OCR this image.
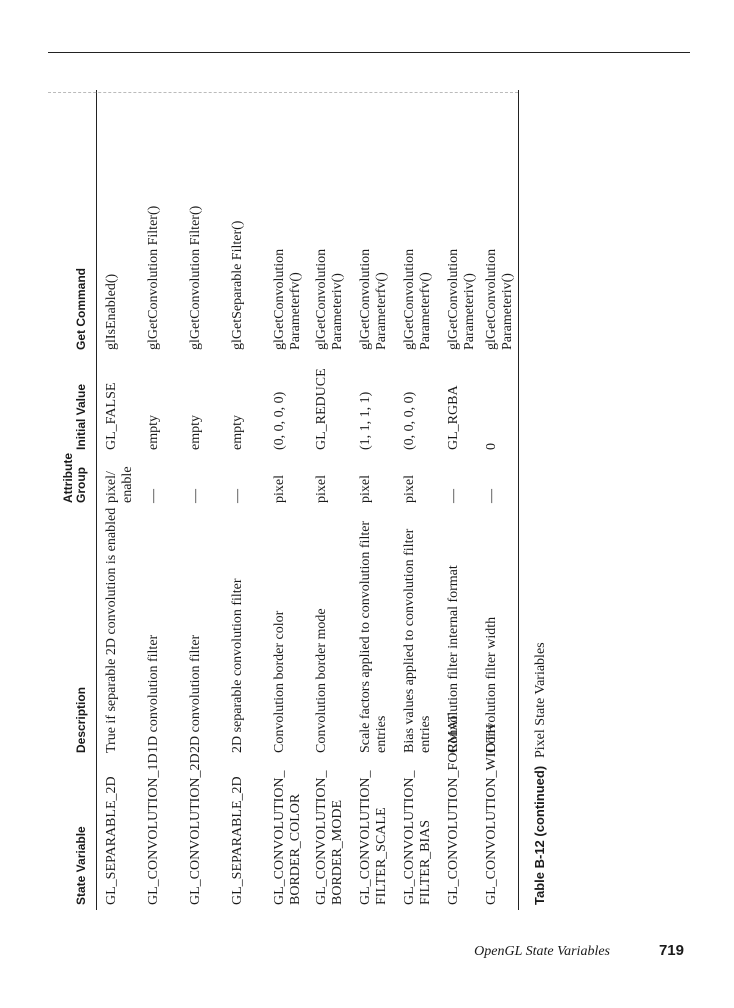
State Variable
Description
Attribute Group
Initial Value
Get Command
GL_SEPARABLE_2D
True if separable 2D convolution is enabled
pixel/ enable
GL_FALSE
glIsEnabled()
GL_CONVOLUTION_1D
1D convolution filter
—
empty
glGetConvolution Filter()
GL_CONVOLUTION_2D
2D convolution filter
—
empty
glGetConvolution Filter()
GL_SEPARABLE_2D
2D separable convolution filter
—
empty
glGetSeparable Filter()
GL_CONVOLUTION_ BORDER_COLOR
Convolution border color
pixel
(0, 0, 0, 0)
glGetConvolution Parameterfv()
GL_CONVOLUTION_ BORDER_MODE
Convolution border mode
pixel
GL_REDUCE
glGetConvolution Parameteriv()
GL_CONVOLUTION_ FILTER_SCALE
Scale factors applied to convolution filter entries
pixel
(1, 1, 1, 1)
glGetConvolution Parameterfv()
GL_CONVOLUTION_ FILTER_BIAS
Bias values applied to convolution filter entries
pixel
(0, 0, 0, 0)
glGetConvolution Parameterfv()
GL_CONVOLUTION_FORMAT
Convolution filter internal format
—
GL_RGBA
glGetConvolution Parameteriv()
GL_CONVOLUTION_WIDTH
Convolution filter width
—
0
glGetConvolution Parameteriv()
Table B-12 (continued)Pixel State Variables
OpenGL State Variables	719
